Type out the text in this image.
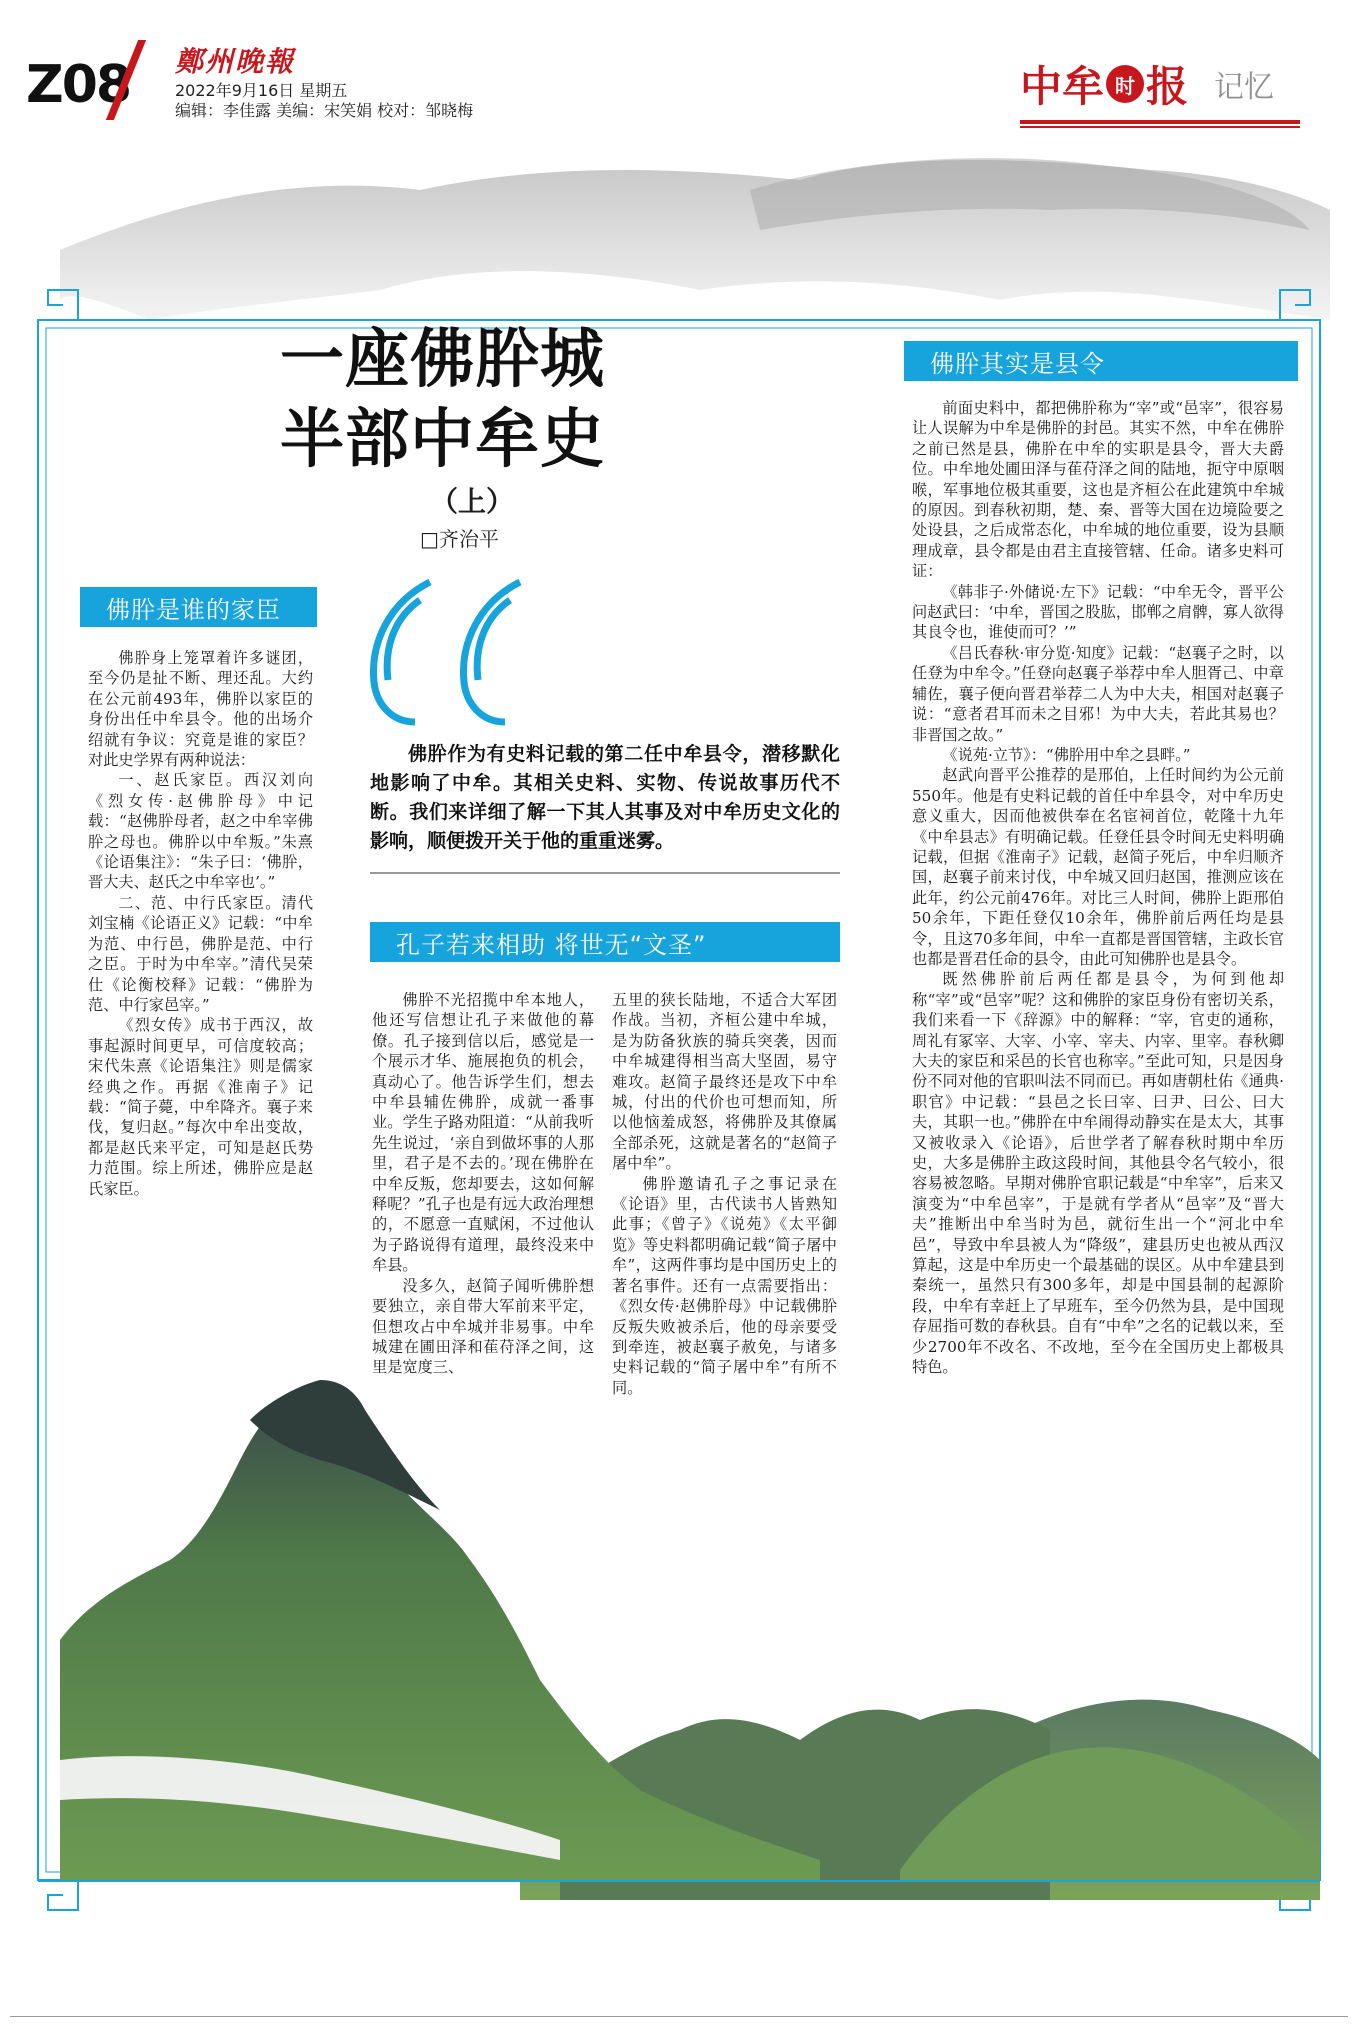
Z08 鄭州晚報
2022年9月16日 星期五
编辑：李佳露 美编：宋笑娟 校对：邹晓梅	中牟 时 报 记忆
一座佛肸城
半部中牟史
（上）
□齐治平

佛肸作为有史料记载的第二任中牟县令，潜移默化地影响了中牟。其相关史料、实物、传说故事历代不断。我们来详细了解一下其人其事及对中牟历史文化的影响，顺便拨开关于他的重重迷雾。

佛肸是谁的家臣

佛肸身上笼罩着许多谜团，至今仍是扯不断、理还乱。大约在公元前493年，佛肸以家臣的身份出任中牟县令。他的出场介绍就有争议：究竟是谁的家臣？对此史学界有两种说法：

一、赵氏家臣。西汉刘向《烈女传·赵佛肸母》中记载：“赵佛肸母者，赵之中牟宰佛肸之母也。佛肸以中牟叛。”朱熹《论语集注》：“朱子曰：‘佛肸，晋大夫、赵氏之中牟宰也’。”

二、范、中行氏家臣。清代刘宝楠《论语正义》记载：“中牟为范、中行邑，佛肸是范、中行之臣。于时为中牟宰。”清代吴荣仕《论衡校释》记载：“佛肸为范、中行家邑宰。”

《烈女传》成书于西汉，故事起源时间更早，可信度较高；宋代朱熹《论语集注》则是儒家经典之作。再据《淮南子》记载：“简子薨，中牟降齐。襄子来伐，复归赵。”每次中牟出变故，都是赵氏来平定，可知是赵氏势力范围。综上所述，佛肸应是赵氏家臣。

孔子若来相助 将世无“文圣”

佛肸不光招揽中牟本地人，他还写信想让孔子来做他的幕僚。孔子接到信以后，感觉是一个展示才华、施展抱负的机会，真动心了。他告诉学生们，想去中牟县辅佐佛肸，成就一番事业。学生子路劝阻道：“从前我听先生说过，‘亲自到做坏事的人那里，君子是不去的。’现在佛肸在中牟反叛，您却要去，这如何解释呢？”孔子也是有远大政治理想的，不愿意一直赋闲，不过他认为子路说得有道理，最终没来中牟县。

没多久，赵简子闻听佛肸想要独立，亲自带大军前来平定，但想攻占中牟城并非易事。中牟城建在圃田泽和萑苻泽之间，这里是宽度三、

五里的狭长陆地，不适合大军团作战。当初，齐桓公建中牟城，是为防备狄族的骑兵突袭，因而中牟城建得相当高大坚固，易守难攻。赵简子最终还是攻下中牟城，付出的代价也可想而知，所以他恼羞成怒，将佛肸及其僚属全部杀死，这就是著名的“赵简子屠中牟”。

佛肸邀请孔子之事记录在《论语》里，古代读书人皆熟知此事；《曾子》《说苑》《太平御览》等史料都明确记载“简子屠中牟”，这两件事均是中国历史上的著名事件。还有一点需要指出：《烈女传·赵佛肸母》中记载佛肸反叛失败被杀后，他的母亲要受到牵连，被赵襄子赦免，与诸多史料记载的“简子屠中牟”有所不同。

佛肸其实是县令

前面史料中，都把佛肸称为“宰”或“邑宰”，很容易让人误解为中牟是佛肸的封邑。其实不然，中牟在佛肸之前已然是县，佛肸在中牟的实职是县令，晋大夫爵位。中牟地处圃田泽与萑苻泽之间的陆地，扼守中原咽喉，军事地位极其重要，这也是齐桓公在此建筑中牟城的原因。到春秋初期，楚、秦、晋等大国在边境险要之处设县，之后成常态化，中牟城的地位重要，设为县顺理成章，县令都是由君主直接管辖、任命。诸多史料可证：

《韩非子·外储说·左下》记载：“中牟无令，晋平公问赵武曰：‘中牟，晋国之股肱，邯郸之肩髀，寡人欲得其良令也，谁使而可？’”

《吕氏春秋·审分览·知度》记载：“赵襄子之时，以任登为中牟令。”任登向赵襄子举荐中牟人胆胥己、中章辅佐，襄子便向晋君举荐二人为中大夫，相国对赵襄子说：“意者君耳而未之目邪！为中大夫，若此其易也？非晋国之故。”

《说苑·立节》：“佛肸用中牟之县畔。”

赵武向晋平公推荐的是邢伯，上任时间约为公元前550年。他是有史料记载的首任中牟县令，对中牟历史意义重大，因而他被供奉在名宦祠首位，乾隆十九年《中牟县志》有明确记载。任登任县令时间无史料明确记载，但据《淮南子》记载，赵简子死后，中牟归顺齐国，赵襄子前来讨伐，中牟城又回归赵国，推测应该在此年，约公元前476年。对比三人时间，佛肸上距邢伯50余年，下距任登仅10余年，佛肸前后两任均是县令，且这70多年间，中牟一直都是晋国管辖，主政长官也都是晋君任命的县令，由此可知佛肸也是县令。

既然佛肸前后两任都是县令，为何到他却称“宰”或“邑宰”呢？这和佛肸的家臣身份有密切关系，我们来看一下《辞源》中的解释：“宰，官吏的通称，周礼有冢宰、大宰、小宰、宰夫、内宰、里宰。春秋卿大夫的家臣和采邑的长官也称宰。”至此可知，只是因身份不同对他的官职叫法不同而已。再如唐朝杜佑《通典·职官》中记载：“县邑之长曰宰、曰尹、曰公、曰大夫，其职一也。”佛肸在中牟闹得动静实在是太大，其事又被收录入《论语》，后世学者了解春秋时期中牟历史，大多是佛肸主政这段时间，其他县令名气较小，很容易被忽略。早期对佛肸官职记载是“中牟宰”，后来又演变为“中牟邑宰”，于是就有学者从“邑宰”及“晋大夫”推断出中牟当时为邑，就衍生出一个“河北中牟邑”，导致中牟县被人为“降级”，建县历史也被从西汉算起，这是中牟历史一个最基础的误区。从中牟建县到秦统一，虽然只有300多年，却是中国县制的起源阶段，中牟有幸赶上了早班车，至今仍然为县，是中国现存屈指可数的春秋县。自有“中牟”之名的记载以来，至少2700年不改名、不改地，至今在全国历史上都极具特色。
